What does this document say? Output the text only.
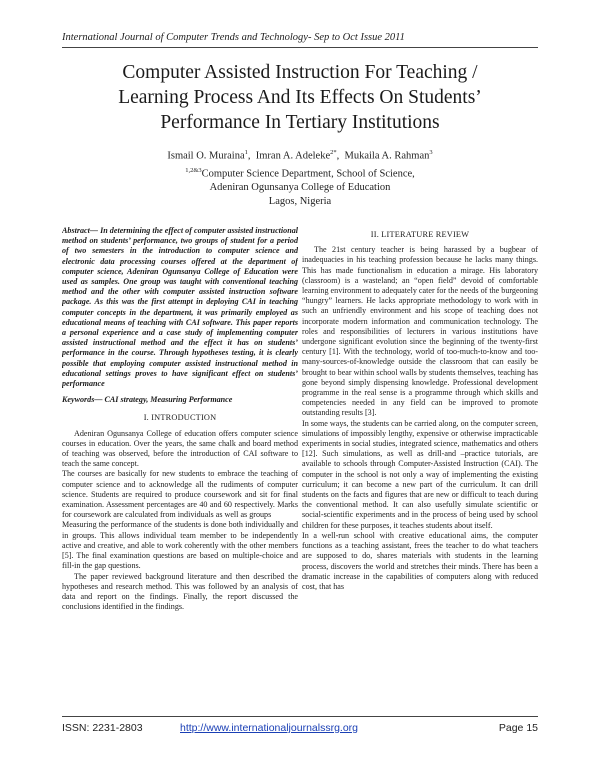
International Journal of Computer Trends and Technology- Sep to Oct Issue 2011
Computer Assisted Instruction For Teaching /
Learning Process And Its Effects On Students’
Performance In Tertiary Institutions
Ismail O. Muraina$^1$,  Imran A. Adeleke$^{2*}$,  Mukaila A. Rahman$^3$
$^{1,2\&3}$Computer Science Department, School of Science,
Adeniran Ogunsanya College of Education
Lagos, Nigeria

Abstract— In determining the effect of computer assisted instructional method on students’ performance, two groups of student for a period of two semesters in the introduction to computer science and electronic data processing courses offered at the department of computer science, Adeniran Ogunsanya College of Education were used as samples. One group was taught with conventional teaching method and the other with computer assisted instruction software package. As this was the first attempt in deploying CAI in teaching computer concepts in the department, it was primarily employed as educational means of teaching with CAI software. This paper reports a personal experience and a case study of implementing computer assisted instructional method and the effect it has on students’ performance in the course. Through hypotheses testing, it is clearly possible that employing computer assisted instructional method in educational settings proves to have significant effect on students’ performance

Keywords— CAI strategy, Measuring Performance

I. INTRODUCTION

Adeniran Ogunsanya College of education offers computer science courses in education. Over the years, the same chalk and board method of teaching was observed, before the introduction of CAI software to teach the same concept.

The courses are basically for new students to embrace the teaching of computer science and to acknowledge all the rudiments of computer science. Students are required to produce coursework and sit for final examination. Assessment percentages are 40 and 60 respectively. Marks for coursework are calculated from individuals as well as groups

Measuring the performance of the students is done both individually and in groups. This allows individual team member to be independently active and creative, and able to work coherently with the other members [5]. The final examination questions are based on multiple-choice and fill-in the gap questions.

The paper reviewed background literature and then described the hypotheses and research method. This was followed by an analysis of data and report on the findings. Finally, the report discussed the conclusions identified in the findings.

II. LITERATURE REVIEW

The 21st century teacher is being harassed by a bugbear of inadequacies in his teaching profession because he lacks many things. This has made functionalism in education a mirage. His laboratory (classroom) is a wasteland; an “open field” devoid of comfortable learning environment to adequately cater for the needs of the burgeoning “hungry” learners. He lacks appropriate methodology to work with in such an unfriendly environment and his scope of teaching does not incorporate modern information and communication technology. The roles and responsibilities of lecturers in various institutions have undergone significant evolution since the beginning of the twenty-first century [1]. With the technology, world of too-much-to-know and too-many-sources-of-knowledge outside the classroom that can easily be brought to bear within school walls by students themselves, teaching has gone beyond simply dispensing knowledge. Professional development programme in the real sense is a programme through which skills and competencies needed in any field can be improved to promote outstanding results [3].

In some ways, the students can be carried along, on the computer screen, simulations of impossibly lengthy, expensive or otherwise impracticable experiments in social studies, integrated science, mathematics and others [12]. Such simulations, as well as drill-and –practice tutorials, are available to schools through Computer-Assisted Instruction (CAI). The computer in the school is not only a way of implementing the existing curriculum; it can become a new part of the curriculum. It can drill students on the facts and figures that are new or difficult to teach during the conventional method. It can also usefully simulate scientific or social-scientific experiments and in the process of being used by school children for these purposes, it teaches students about itself.

In a well-run school with creative educational aims, the computer functions as a teaching assistant, frees the teacher to do what teachers are supposed to do, shares materials with students in the learning process, discovers the world and stretches their minds. There has been a dramatic increase in the capabilities of computers along with reduced cost, that has

ISSN: 2231-2803	http://www.internationaljournalssrg.org	Page 15
